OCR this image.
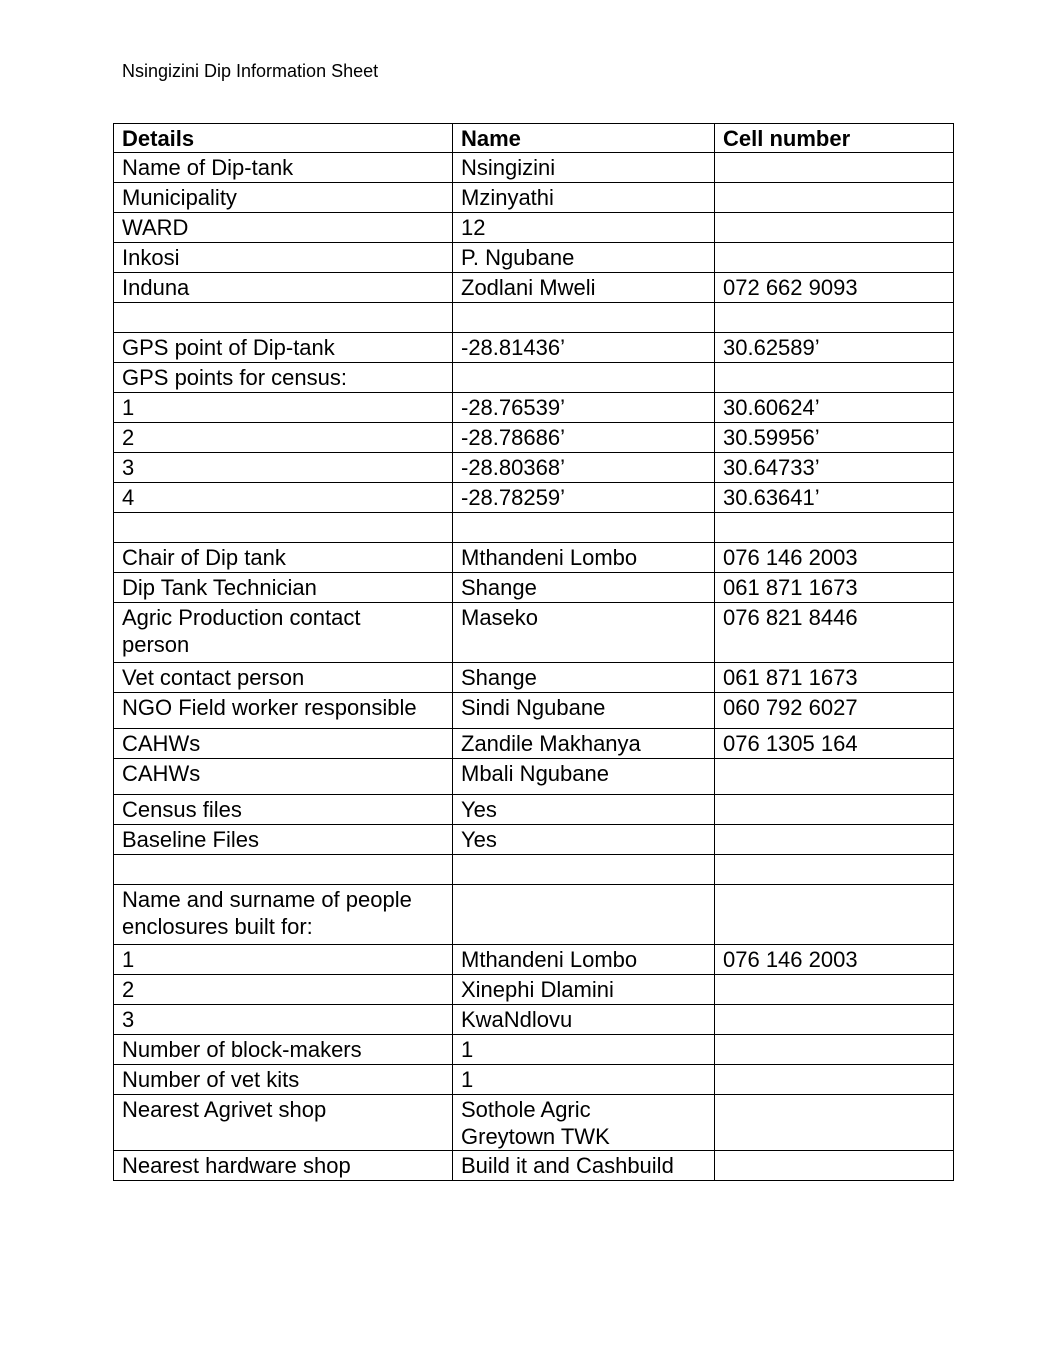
Nsingizini Dip Information Sheet
Details	Name	Cell number
Name of Dip-tank	Nsingizini	
Municipality	Mzinyathi	
WARD	12	
Inkosi	P. Ngubane	
Induna	Zodlani Mweli	072 662 9093

GPS point of Dip-tank	-28.81436’	30.62589’
GPS points for census:		
1	-28.76539’	30.60624’
2	-28.78686’	30.59956’
3	-28.80368’	30.64733’
4	-28.78259’	30.63641’

Chair of Dip tank	Mthandeni Lombo	076 146 2003
Dip Tank Technician	Shange	061 871 1673
Agric Production contact
person	Maseko	076 821 8446
Vet contact person	Shange	061 871 1673
NGO Field worker responsible	Sindi Ngubane	060 792 6027
CAHWs	Zandile Makhanya	076 1305 164
CAHWs	Mbali Ngubane	
Census files	Yes	
Baseline Files	Yes	

Name and surname of people
enclosures built for:		
1	Mthandeni Lombo	076 146 2003
2	Xinephi Dlamini	
3	KwaNdlovu	
Number of block-makers	1	
Number of vet kits	1	
Nearest Agrivet shop	Sothole Agric
Greytown TWK	
Nearest hardware shop	Build it and Cashbuild	
